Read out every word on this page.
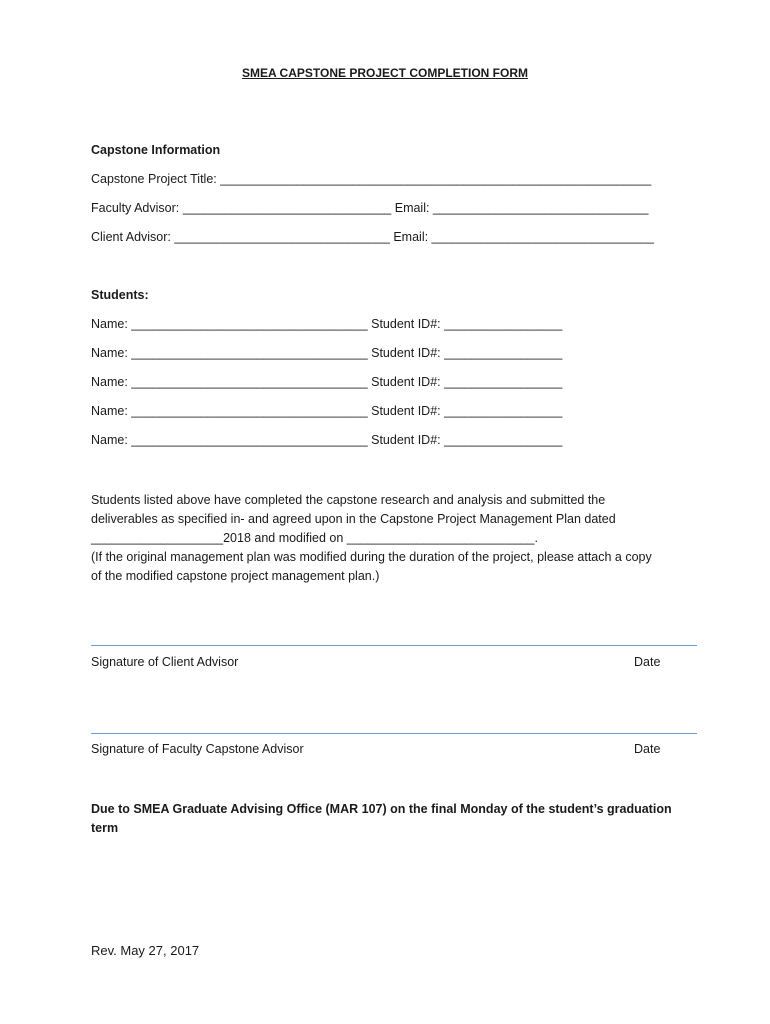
SMEA CAPSTONE PROJECT COMPLETION FORM
Capstone Information
Capstone Project Title: ______________________________________________________________
Faculty Advisor: ______________________________ Email: _______________________________
Client Advisor: _______________________________ Email: ________________________________
Students:
Name: __________________________________ Student ID#: _________________
Name: __________________________________ Student ID#: _________________
Name: __________________________________ Student ID#: _________________
Name: __________________________________ Student ID#: _________________
Name: __________________________________ Student ID#: _________________
Students listed above have completed the capstone research and analysis and submitted the
deliverables as specified in- and agreed upon in the Capstone Project Management Plan dated
___________________2018 and modified on ___________________________.
(If the original management plan was modified during the duration of the project, please attach a copy
of the modified capstone project management plan.)
Signature of Client Advisor	Date
Signature of Faculty Capstone Advisor	Date
Due to SMEA Graduate Advising Office (MAR 107) on the final Monday of the student’s graduation
term
Rev. May 27, 2017
